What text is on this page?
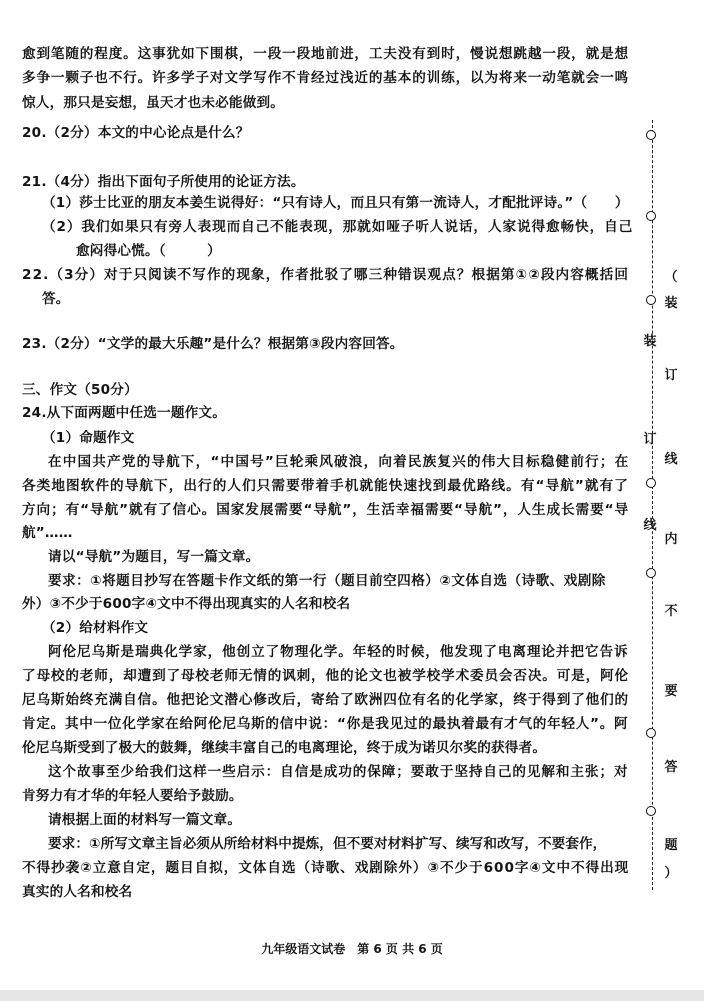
愈到笔随的程度。这事犹如下围棋，一段一段地前进，工夫没有到时，慢说想跳越一段，就是想
多争一颗子也不行。许多学子对文学写作不肯经过浅近的基本的训练，以为将来一动笔就会一鸣
惊人，那只是妄想，虽天才也未必能做到。
20.（2分）本文的中心论点是什么？
21.（4分）指出下面句子所使用的论证方法。
（1）莎士比亚的朋友本姜生说得好：“只有诗人，而且只有第一流诗人，才配批评诗。”（　　）
（2）我们如果只有旁人表现而自己不能表现，那就如哑子听人说话，人家说得愈畅快，自己
愈闷得心慌。（　　　）
22.（3分）对于只阅读不写作的现象，作者批驳了哪三种错误观点？根据第①②段内容概括回
答。
23.（2分）“文学的最大乐趣”是什么？根据第③段内容回答。
三、作文（50分）
24.从下面两题中任选一题作文。
（1）命题作文
在中国共产党的导航下，“中国号”巨轮乘风破浪，向着民族复兴的伟大目标稳健前行；在
各类地图软件的导航下，出行的人们只需要带着手机就能快速找到最优路线。有“导航”就有了
方向；有“导航”就有了信心。国家发展需要“导航”，生活幸福需要“导航”，人生成长需要“导
航”……
请以“导航”为题目，写一篇文章。
要求：①将题目抄写在答题卡作文纸的第一行（题目前空四格）②文体自选（诗歌、戏剧除
外）③不少于600字④文中不得出现真实的人名和校名
（2）给材料作文
阿伦尼乌斯是瑞典化学家，他创立了物理化学。年轻的时候，他发现了电离理论并把它告诉
了母校的老师，却遭到了母校老师无情的讽刺，他的论文也被学校学术委员会否决。可是，阿伦
尼乌斯始终充满自信。他把论文潜心修改后，寄给了欧洲四位有名的化学家，终于得到了他们的
肯定。其中一位化学家在给阿伦尼乌斯的信中说：“你是我见过的最执着最有才气的年轻人”。阿
伦尼乌斯受到了极大的鼓舞，继续丰富自己的电离理论，终于成为诺贝尔奖的获得者。
这个故事至少给我们这样一些启示：自信是成功的保障；要敢于坚持自己的见解和主张；对
肯努力有才华的年轻人要给予鼓励。
请根据上面的材料写一篇文章。
要求：①所写文章主旨必须从所给材料中提炼，但不要对材料扩写、续写和改写，不要套作，
不得抄袭②立意自定，题目自拟，文体自选（诗歌、戏剧除外）③不少于600字④文中不得出现
真实的人名和校名
装
订
线
（
装
订
线
内
不
要
答
题
）
九年级语文试卷　第 6 页 共 6 页
